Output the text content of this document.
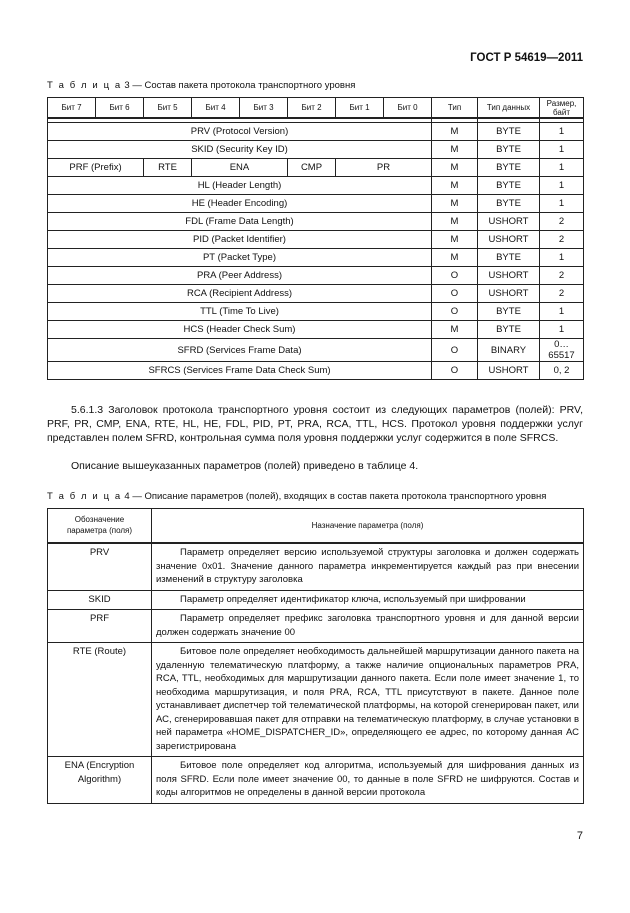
ГОСТ Р 54619—2011
Т а б л и ц а 3 — Состав пакета протокола транспортного уровня
Бит 7	Бит 6	Бит 5	Бит 4	Бит 3	Бит 2	Бит 1	Бит 0	Тип	Тип данных	Размер, байт

PRV (Protocol Version)								M	BYTE	1
SKID (Security Key ID)								M	BYTE	1
PRF (Prefix)		RTE	ENA		CMP	PR		M	BYTE	1
HL (Header Length)								M	BYTE	1
HE (Header Encoding)								M	BYTE	1
FDL (Frame Data Length)								M	USHORT	2
PID (Packet Identifier)								M	USHORT	2
PT (Packet Type)								M	BYTE	1
PRA (Peer Address)								O	USHORT	2
RCA (Recipient Address)								O	USHORT	2
TTL (Time To Live)								O	BYTE	1
HCS (Header Check Sum)								M	BYTE	1
SFRD (Services Frame Data)								O	BINARY	0…65517
SFRCS (Services Frame Data Check Sum)								O	USHORT	0, 2
5.6.1.3 Заголовок протокола транспортного уровня состоит из следующих параметров (полей): PRV, PRF, PR, CMP, ENA, RTE, HL, HE, FDL, PID, PT, PRA, RCA, TTL, HCS. Протокол уровня поддержки услуг представлен полем SFRD, контрольная сумма поля уровня поддержки услуг содержится в поле SFRCS.
Описание вышеуказанных параметров (полей) приведено в таблице 4.
Т а б л и ц а 4 — Описание параметров (полей), входящих в состав пакета протокола транспортного уровня
Обозначение
параметра (поля)	Назначение параметра (поля)
PRV	Параметр определяет версию используемой структуры заголовка и должен содержать значение 0x01. Значение данного параметра инкрементируется каждый раз при внесении изменений в структуру заголовка
SKID	Параметр определяет идентификатор ключа, используемый при шифровании
PRF	Параметр определяет префикс заголовка транспортного уровня и для данной версии должен содержать значение 00
RTE (Route)	Битовое поле определяет необходимость дальнейшей маршрутизации данного пакета на удаленную телематическую платформу, а также наличие опциональных параметров PRA, RCA, TTL, необходимых для маршрутизации данного пакета. Если поле имеет значение 1, то необходима маршрутизация, и поля PRA, RCA, TTL присутствуют в пакете. Данное поле устанавливает диспетчер той телематической платформы, на которой сгенерирован пакет, или АС, сгенерировавшая пакет для отправки на телематическую платформу, в случае установки в ней параметра «HOME_DISPATCHER_ID», определяющего ее адрес, по которому данная АС зарегистрирована
ENA (Encryption Algorithm)	Битовое поле определяет код алгоритма, используемый для шифрования данных из поля SFRD. Если поле имеет значение 00, то данные в поле SFRD не шифруются. Состав и коды алгоритмов не определены в данной версии протокола
7
